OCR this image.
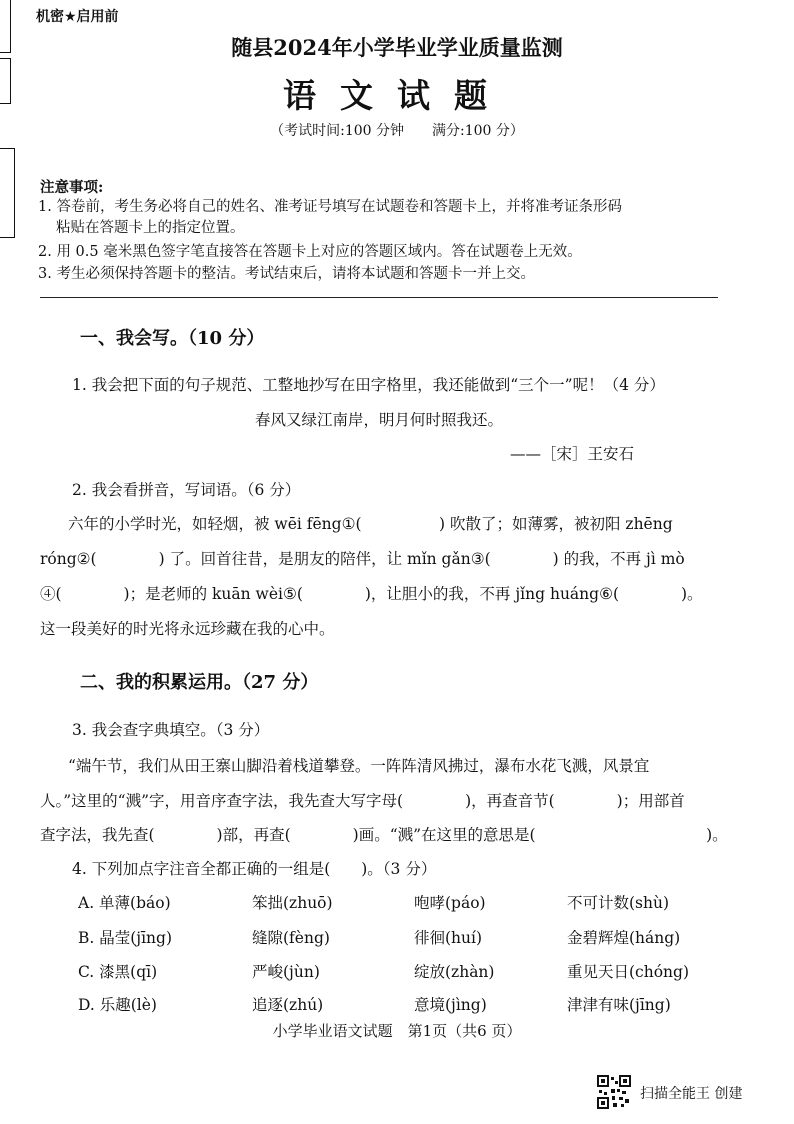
机密★启用前
随县2024年小学毕业学业质量监测
语文试题
（考试时间:100 分钟　　满分:100 分）
注意事项:
1. 答卷前，考生务必将自己的姓名、准考证号填写在试题卷和答题卡上，并将准考证条形码
粘贴在答题卡上的指定位置。
2. 用 0.5 毫米黑色签字笔直接答在答题卡上对应的答题区域内。答在试题卷上无效。
3. 考生必须保持答题卡的整洁。考试结束后，请将本试题和答题卡一并上交。
一、我会写。（10 分）
1. 我会把下面的句子规范、工整地抄写在田字格里，我还能做到“三个一”呢！（4 分）
春风又绿江南岸，明月何时照我还。
——［宋］王安石
2. 我会看拼音，写词语。（6 分）
六年的小学时光，如轻烟，被 wēi fēng①(　　　　　) 吹散了；如薄雾，被初阳 zhēng
róng②(　　　　) 了。回首往昔，是朋友的陪伴，让 mǐn gǎn③(　　　　) 的我，不再 jì mò
④(　　　　)；是老师的 kuān wèi⑤(　　　　)，让胆小的我，不再 jǐng huáng⑥(　　　　)。
这一段美好的时光将永远珍藏在我的心中。
二、我的积累运用。（27 分）
3. 我会查字典填空。（3 分）
“端午节，我们从田王寨山脚沿着栈道攀登。一阵阵清风拂过，瀑布水花飞溅，风景宜
人。”这里的“溅”字，用音序查字法，我先查大写字母(　　　　)，再查音节(　　　　)；用部首
查字法，我先查(　　　　)部，再查(　　　　)画。“溅”在这里的意思是(　　　　　　　　　　　)。
4. 下列加点字注音全都正确的一组是(　　)。（3 分）
A. 单薄(báo)	笨拙(zhuō)	咆哮(páo)	不可计数(shù)
B. 晶莹(jīng)	缝隙(fèng)	徘徊(huí)	金碧辉煌(háng)
C. 漆黑(qī)	严峻(jùn)	绽放(zhàn)	重见天日(chóng)
D. 乐趣(lè)	追逐(zhú)	意境(jìng)	津津有味(jīng)
小学毕业语文试题　第1页（共6 页）
扫描全能王 创建
